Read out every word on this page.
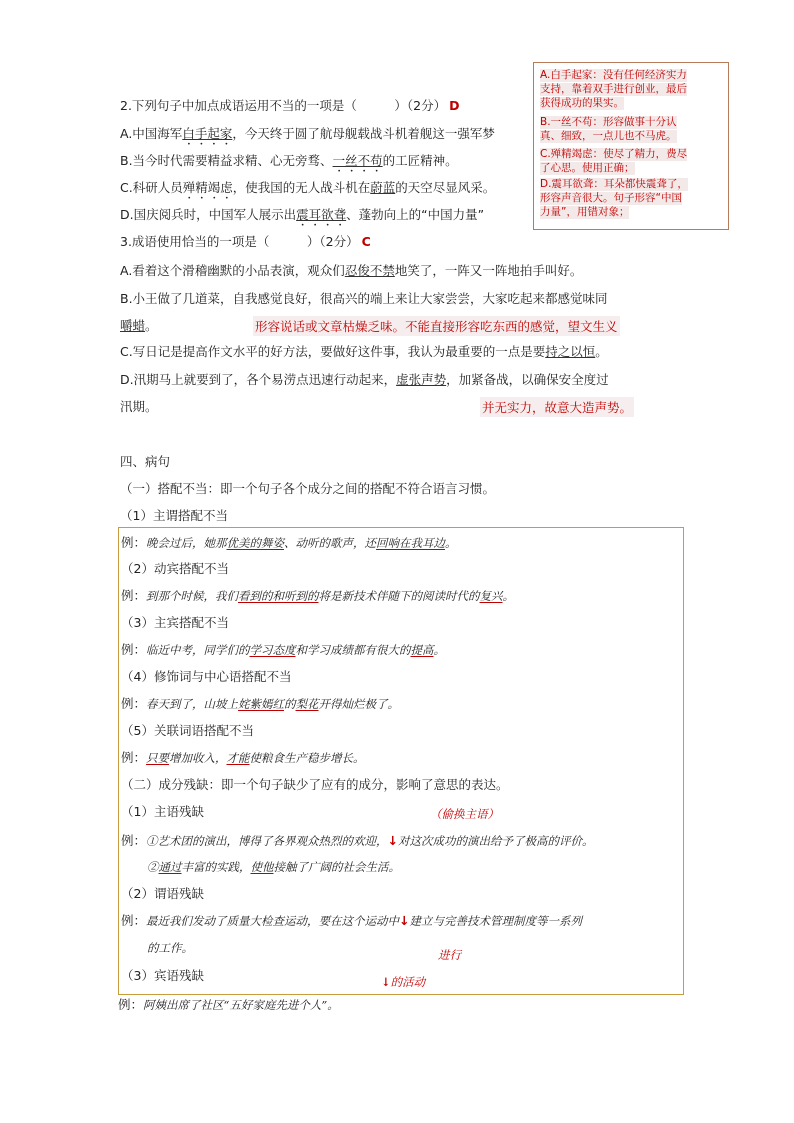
A.白手起家：没有任何经济实力
支持，靠着双手进行创业，最后
获得成功的果实。
B.一丝不苟：形容做事十分认
真、细致，一点儿也不马虎。
C.殚精竭虑：使尽了精力，费尽
了心思。使用正确；
D.震耳欲聋：耳朵都快震聋了，
形容声音很大。句子形容“中国
力量”，用错对象；
2.下列句子中加点成语运用不当的一项是（　　　）（2分） D
A.中国海军白手起家，今天终于圆了航母舰载战斗机着舰这一强军梦
B.当今时代需要精益求精、心无旁骛、一丝不苟的工匠精神。
C.科研人员殚精竭虑，使我国的无人战斗机在蔚蓝的天空尽显风采。
D.国庆阅兵时，中国军人展示出震耳欲聋、蓬勃向上的“中国力量”
3.成语使用恰当的一项是（　　　）（2分） C
A.看着这个滑稽幽默的小品表演，观众们忍俊不禁地笑了，一阵又一阵地拍手叫好。
B.小王做了几道菜，自我感觉良好，很高兴的端上来让大家尝尝，大家吃起来都感觉味同
嚼蜡。	形容说话或文章枯燥乏味。不能直接形容吃东西的感觉，望文生义
C.写日记是提高作文水平的好方法，要做好这件事，我认为最重要的一点是要持之以恒。
D.汛期马上就要到了，各个易涝点迅速行动起来，虚张声势，加紧备战，以确保安全度过
汛期。	并无实力，故意大造声势。
四、病句
（一）搭配不当：即一个句子各个成分之间的搭配不符合语言习惯。
（1）主谓搭配不当
例：晚会过后，她那优美的舞姿、动听的歌声，还回响在我耳边。
（2）动宾搭配不当
例：到那个时候，我们看到的和听到的将是新技术伴随下的阅读时代的复兴。
（3）主宾搭配不当
例：临近中考，同学们的学习态度和学习成绩都有很大的提高。
（4）修饰词与中心语搭配不当
例：春天到了，山坡上姹紫嫣红的梨花开得灿烂极了。
（5）关联词语搭配不当
例：只要增加收入，才能使粮食生产稳步增长。
（二）成分残缺：即一个句子缺少了应有的成分，影响了意思的表达。
（1）主语残缺	（偷换主语）
例：①艺术团的演出，博得了各界观众热烈的欢迎，↓对这次成功的演出给予了极高的评价。
②通过丰富的实践，使他接触了广阔的社会生活。
（2）谓语残缺
例：最近我们发动了质量大检查运动，要在这个运动中↓建立与完善技术管理制度等一系列
的工作。	进行
（3）宾语残缺	↓的活动
例：阿姨出席了社区“五好家庭先进个人”。
